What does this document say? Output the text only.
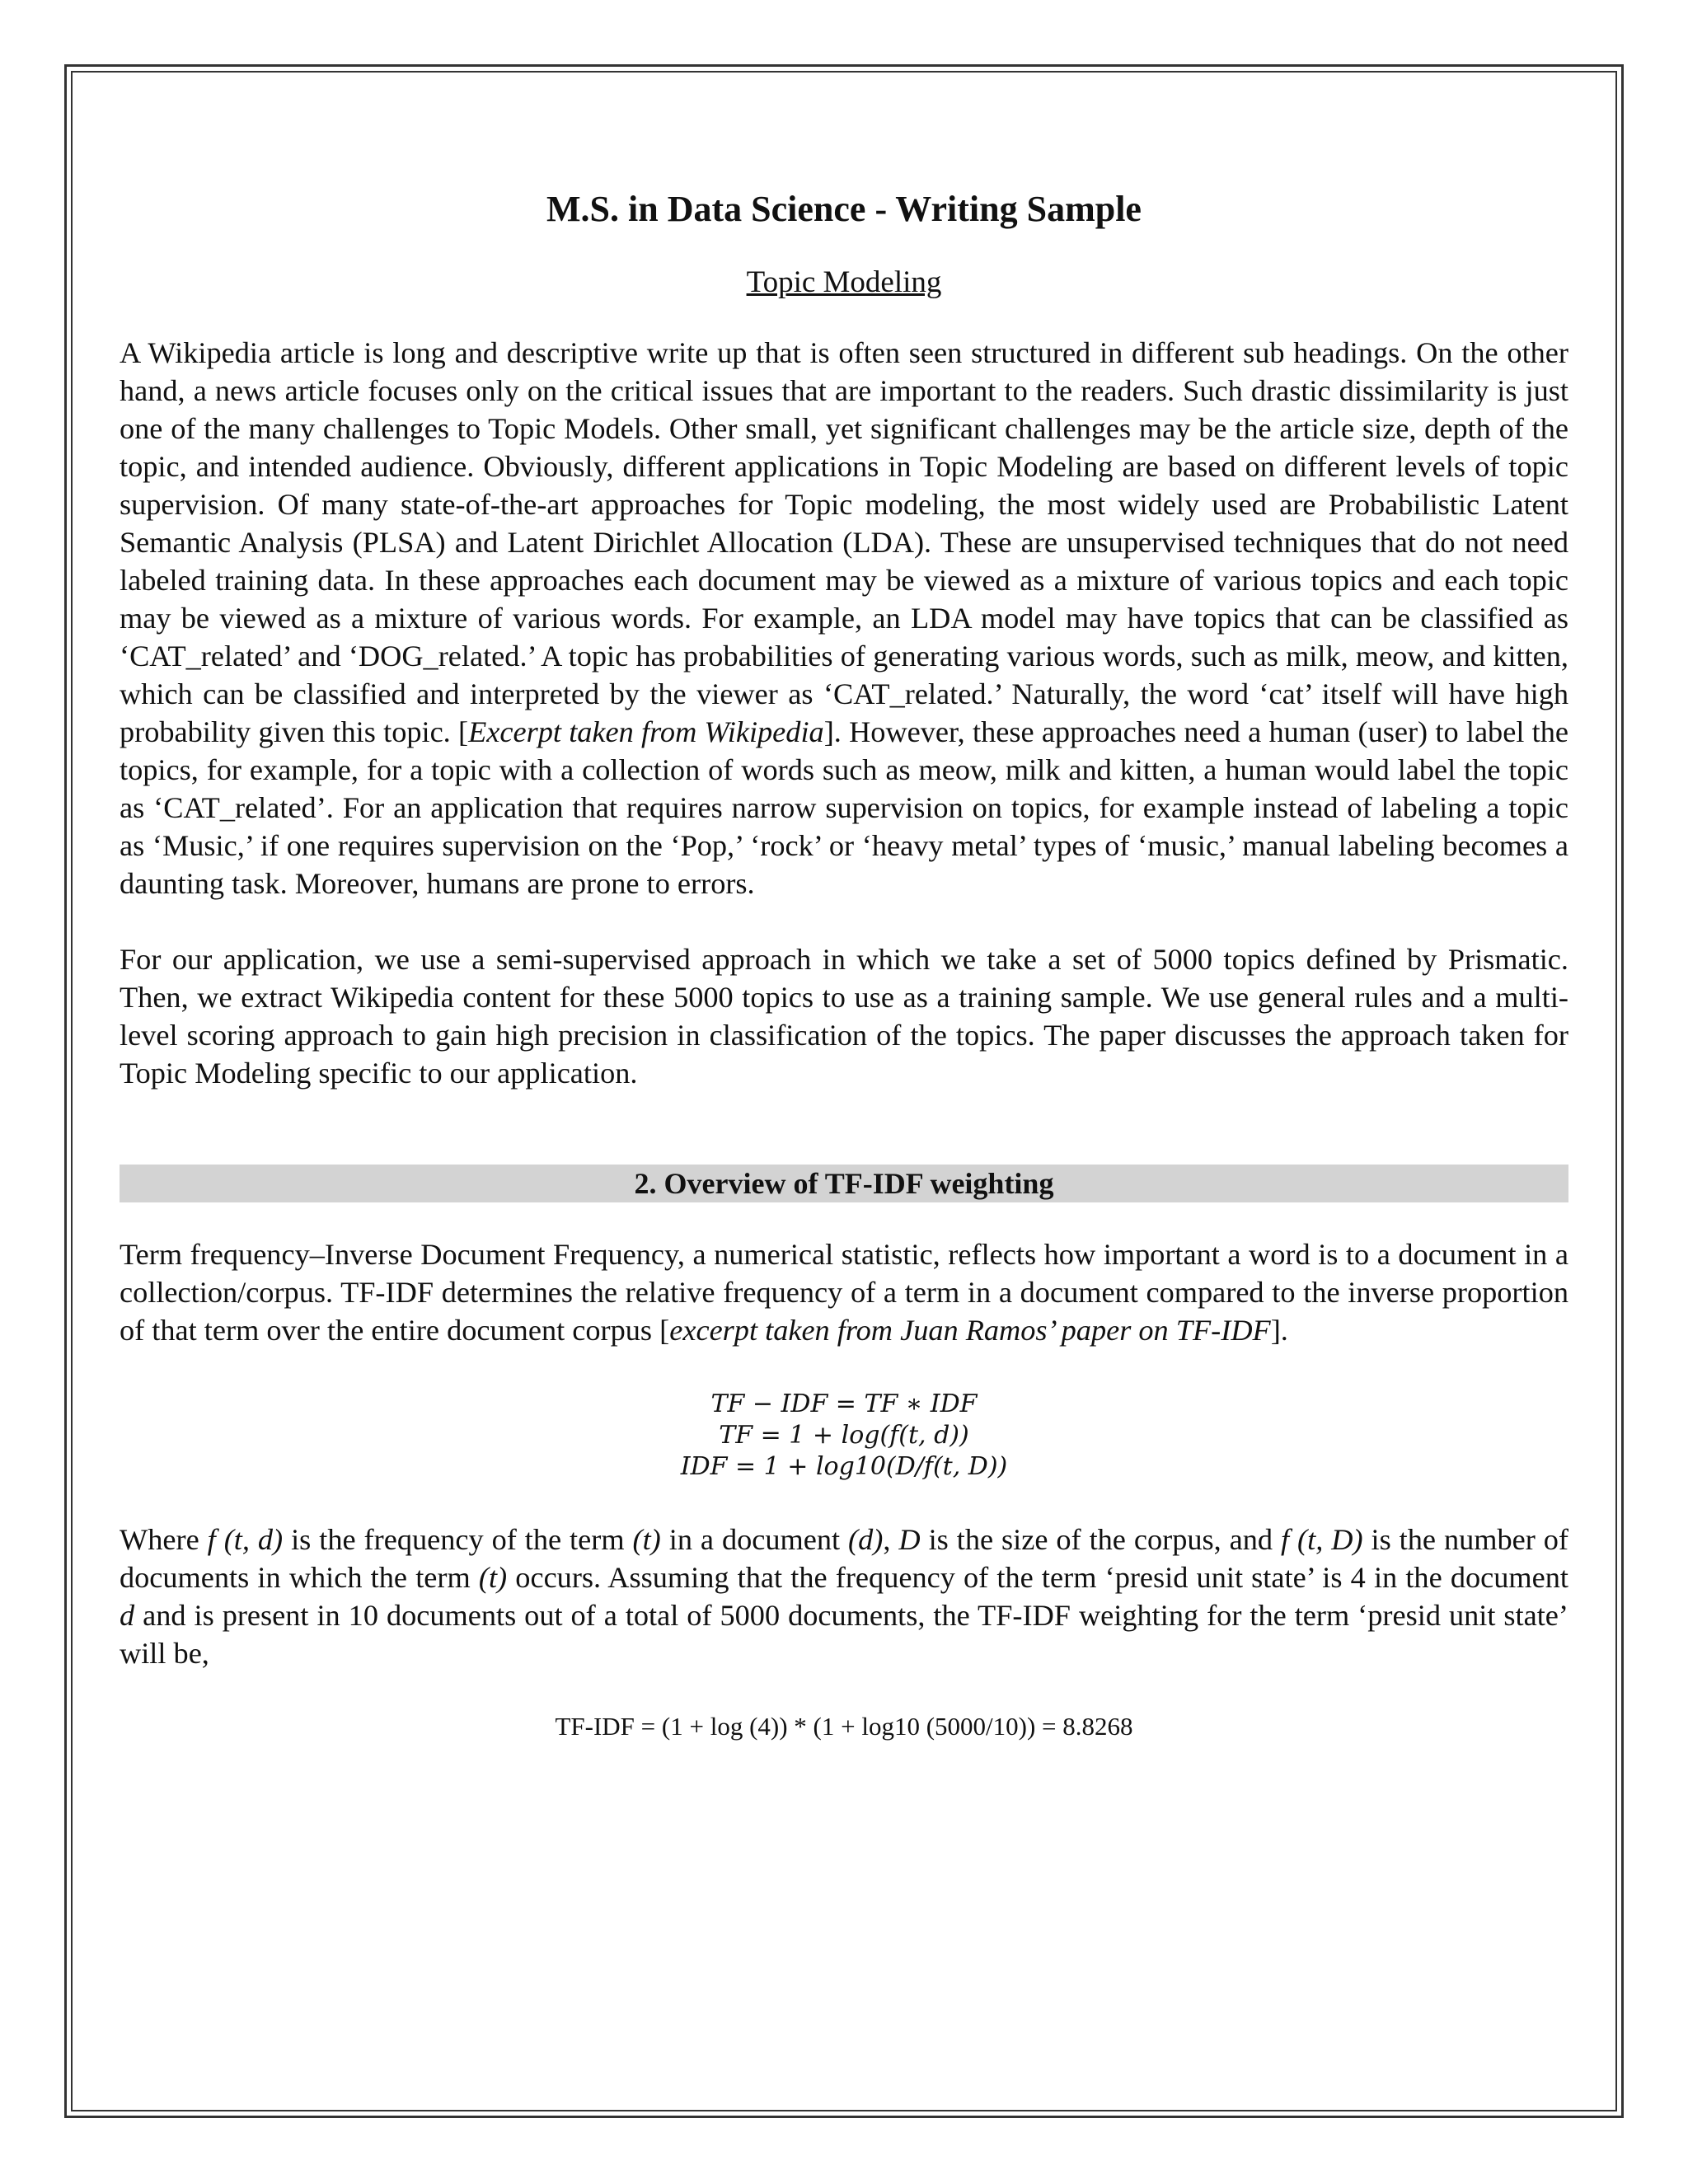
M.S. in Data Science - Writing Sample
Topic Modeling

A Wikipedia article is long and descriptive write up that is often seen structured in different sub headings. On the other hand, a news article focuses only on the critical issues that are important to the readers. Such drastic dissimilarity is just one of the many challenges to Topic Models. Other small, yet significant challenges may be the article size, depth of the topic, and intended audience. Obviously, different applications in Topic Modeling are based on different levels of topic supervision. Of many state-of-the-art approaches for Topic modeling, the most widely used are Probabilistic Latent Semantic Analysis (PLSA) and Latent Dirichlet Allocation (LDA). These are unsupervised techniques that do not need labeled training data. In these approaches each document may be viewed as a mixture of various topics and each topic may be viewed as a mixture of various words. For example, an LDA model may have topics that can be classified as ‘CAT_related’ and ‘DOG_related.’ A topic has probabilities of generating various words, such as milk, meow, and kitten, which can be classified and interpreted by the viewer as ‘CAT_related.’ Naturally, the word ‘cat’ itself will have high probability given this topic. [Excerpt taken from Wikipedia]. However, these approaches need a human (user) to label the topics, for example, for a topic with a collection of words such as meow, milk and kitten, a human would label the topic as ‘CAT_related’. For an application that requires narrow supervision on topics, for example instead of labeling a topic as ‘Music,’ if one requires supervision on the ‘Pop,’ ‘rock’ or ‘heavy metal’ types of ‘music,’ manual labeling becomes a daunting task. Moreover, humans are prone to errors.

For our application, we use a semi-supervised approach in which we take a set of 5000 topics defined by Prismatic. Then, we extract Wikipedia content for these 5000 topics to use as a training sample. We use general rules and a multi-level scoring approach to gain high precision in classification of the topics. The paper discusses the approach taken for Topic Modeling specific to our application.

2. Overview of TF-IDF weighting

Term frequency–Inverse Document Frequency, a numerical statistic, reflects how important a word is to a document in a collection/corpus. TF-IDF determines the relative frequency of a term in a document compared to the inverse proportion of that term over the entire document corpus [excerpt taken from Juan Ramos’ paper on TF-IDF].

TF − IDF = TF ∗ IDF
TF = 1 + log(f(t, d))
IDF = 1 + log10(D/f(t, D))

Where f (t, d) is the frequency of the term (t) in a document (d), D is the size of the corpus, and f (t, D) is the number of documents in which the term (t) occurs. Assuming that the frequency of the term ‘presid unit state’ is 4 in the document d and is present in 10 documents out of a total of 5000 documents, the TF-IDF weighting for the term ‘presid unit state’ will be,

TF-IDF = (1 + log (4)) * (1 + log10 (5000/10)) = 8.8268
